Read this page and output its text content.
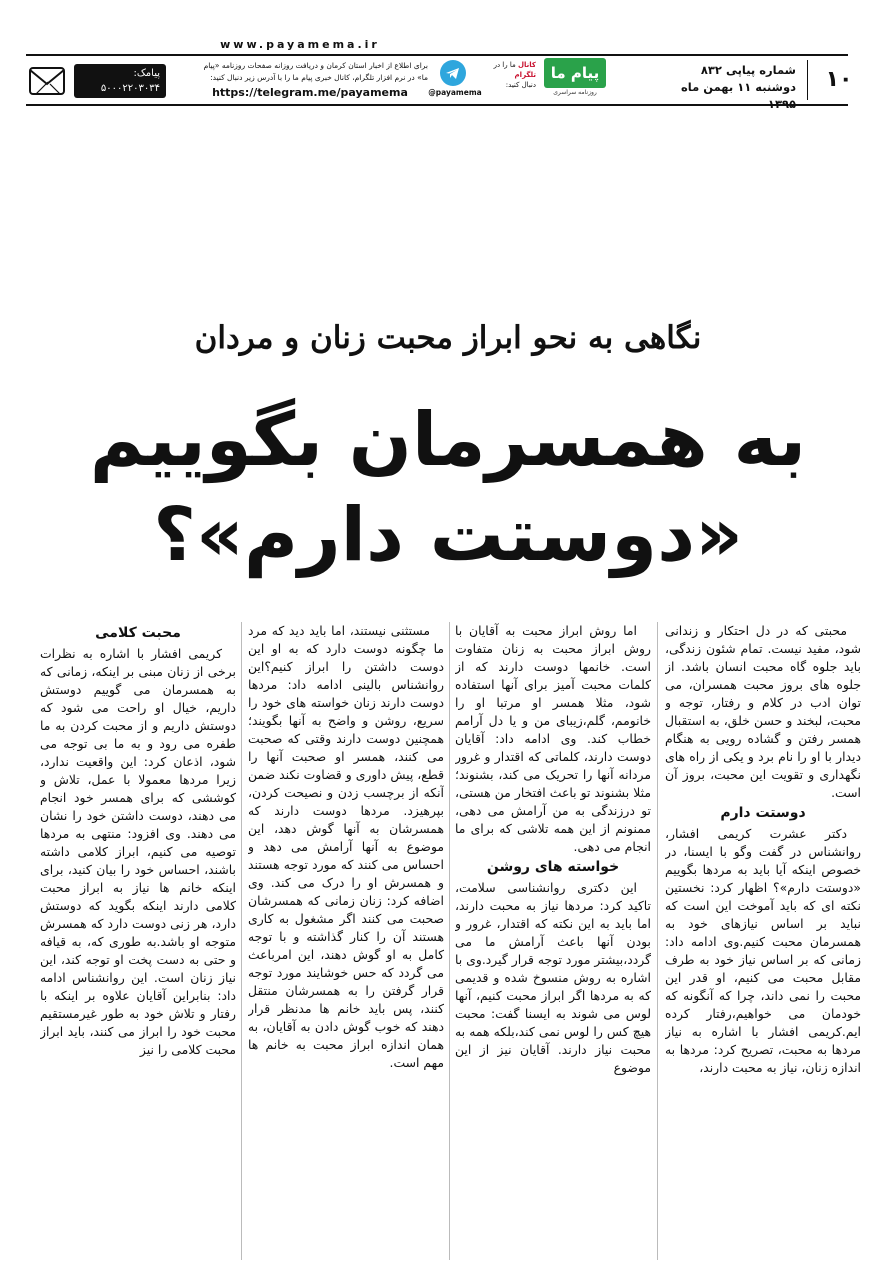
www.payamema.ir
۱۰
شماره پیاپی ۸۳۲
دوشنبه ۱۱ بهمن ماه ۱۳۹۵
پیام ما
روزنامه سراسری
کانال ما را در
تلگرام
دنبال کنید:
@payamema
برای اطلاع از اخبار استان کرمان و دریافت روزانه صفحات روزنامه «پیام ما» در نرم افزار تلگرام، کانال خبری پیام ما را با آدرس زیر دنبال کنید:
https://telegram.me/payamema
پیامک:
۵۰۰۰۲۲۰۳۰۳۴
نگاهی به نحو ابراز محبت زنان و مردان
به همسرمان بگوییم
«دوستت دارم»؟

محبتی که در دل احتکار و زندانی شود، مفید نیست. تمام شئون زندگی، باید جلوه گاه محبت انسان باشد. از جلوه های بروز محبت همسران، می توان ادب در کلام و رفتار، توجه و محبت، لبخند و حسن خلق، به استقبال همسر رفتن و گشاده رویی به هنگام دیدار با او را نام برد و یکی از راه های نگهداری و تقویت این محبت، بروز آن است.

دوستت دارم

دکتر عشرت کریمی افشار، روانشناس در گفت وگو با ایسنا، در خصوص اینکه آیا باید به مردها بگوییم «دوستت دارم»؟ اظهار کرد: نخستین نکته ای که باید آموخت این است که نباید بر اساس نیازهای خود به همسرمان محبت کنیم.وی ادامه داد: زمانی که بر اساس نیاز خود به طرف مقابل محبت می کنیم، او قدر این محبت را نمی داند، چرا که آنگونه که خودمان می خواهیم،رفتار کرده ایم.کریمی افشار با اشاره به نیاز مردها به محبت، تصریح کرد: مردها به اندازه زنان، نیاز به محبت دارند،

اما روش ابراز محبت به آقایان با روش ابراز محبت به زنان متفاوت است. خانمها دوست دارند که از کلمات محبت آمیز برای آنها استفاده شود، مثلا همسر او مرتبا او را خانومم، گلم،زیبای من و یا دل آرامم خطاب کند. وی ادامه داد: آقایان دوست دارند، کلماتی که اقتدار و غرور مردانه آنها را تحریک می کند، بشنوند؛ مثلا بشنوند تو باعث افتخار من هستی، تو درزندگی به من آرامش می دهی، ممنونم از این همه تلاشی که برای ما انجام می دهی.

خواسته های روشن

این دکتری روانشناسی سلامت، تاکید کرد: مردها نیاز به محبت دارند، اما باید به این نکته که اقتدار، غرور و بودن آنها باعث آرامش ما می گردد،بیشتر مورد توجه قرار گیرد.وی با اشاره به روش منسوخ شده و قدیمی که به مردها اگر ابراز محبت کنیم، آنها لوس می شوند به ایسنا گفت: محبت هیچ کس را لوس نمی کند،بلکه همه به محبت نیاز دارند. آقایان نیز از این موضوع

مستثنی نیستند، اما باید دید که مرد ما چگونه دوست دارد که به او این دوست داشتن را ابراز کنیم؟این روانشناس بالینی ادامه داد: مردها دوست دارند زنان خواسته های خود را سریع، روشن و واضح به آنها بگویند؛ همچنین دوست دارند وقتی که صحبت می کنند، همسر او صحبت آنها را قطع، پیش داوری و قضاوت نکند ضمن آنکه از برچسب زدن و نصیحت کردن، بپرهیزد. مردها دوست دارند که همسرشان به آنها گوش دهد، این موضوع به آنها آرامش می دهد و احساس می کنند که مورد توجه هستند و همسرش او را درک می کند. وی اضافه کرد: زنان زمانی که همسرشان صحبت می کنند اگر مشغول به کاری هستند آن را کنار گذاشته و با توجه کامل به او گوش دهند، این امرباعث می گردد که حس خوشایند مورد توجه قرار گرفتن را به همسرشان منتقل کنند، پس باید خانم ها مدنظر قرار دهند که خوب گوش دادن به آقایان، به همان اندازه ابراز محبت به خانم ها مهم است.

محبت کلامی

کریمی افشار با اشاره به نظرات برخی از زنان مبنی بر اینکه، زمانی که به همسرمان می گوییم دوستش داریم، خیال او راحت می شود که دوستش داریم و از محبت کردن به ما طفره می رود و به ما بی توجه می شود، اذعان کرد: این واقعیت ندارد، زیرا مردها معمولا با عمل، تلاش و کوششی که برای همسر خود انجام می دهند، دوست داشتن خود را نشان می دهند. وی افزود: منتهی به مردها توصیه می کنیم، ابراز کلامی داشته باشند، احساس خود را بیان کنید، برای اینکه خانم ها نیاز به ابراز محبت کلامی دارند اینکه بگوید که دوستش دارد، هر زنی دوست دارد که همسرش متوجه او باشد.به طوری که، به قیافه و حتی به دست پخت او توجه کند، این نیاز زنان است. این روانشناس ادامه داد: بنابراین آقایان علاوه بر اینکه با رفتار و تلاش خود به طور غیرمستقیم محبت خود را ابراز می کنند، باید ابراز محبت کلامی را نیز
